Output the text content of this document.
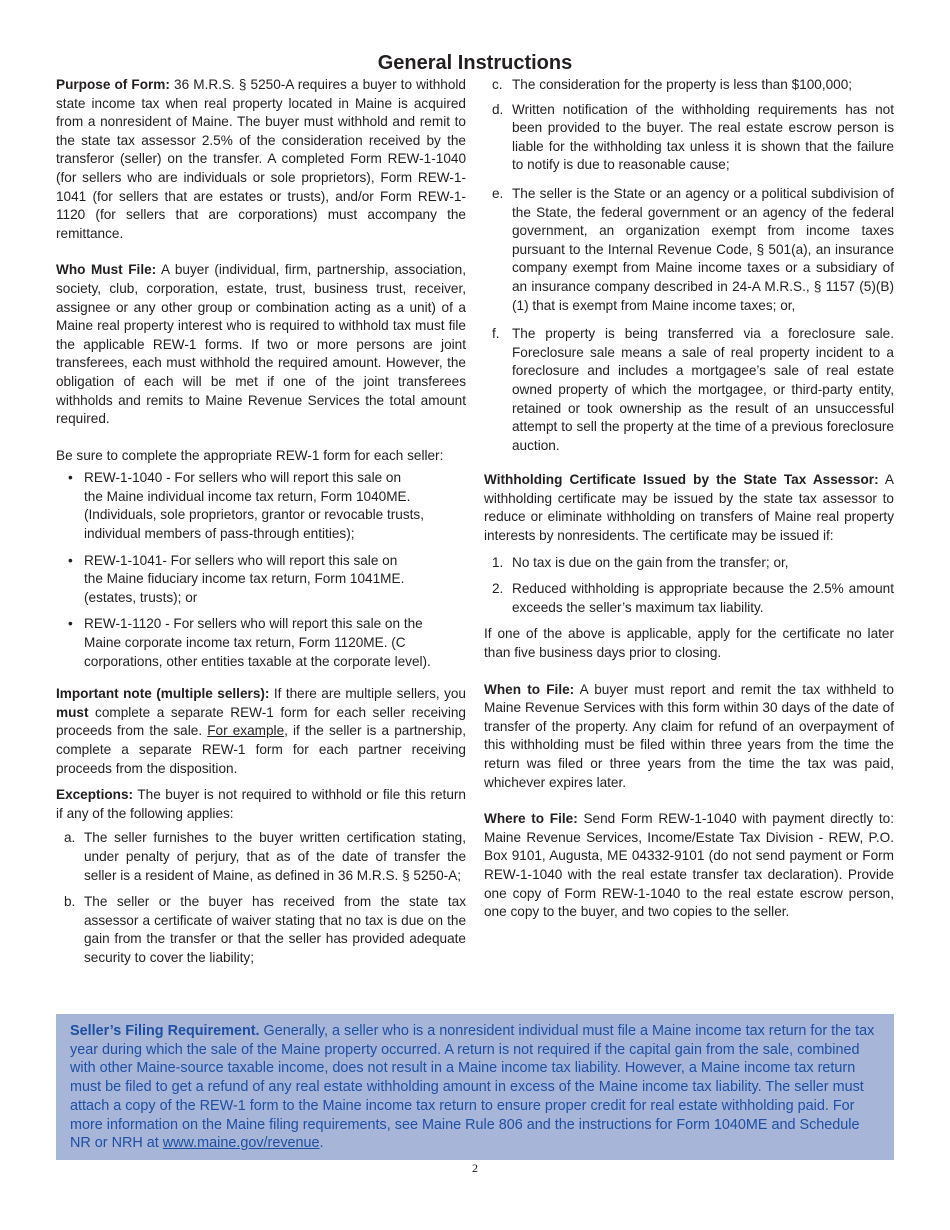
General Instructions

Purpose of Form: 36 M.R.S. § 5250-A requires a buyer to withhold state income tax when real property located in Maine is acquired from a nonresident of Maine. The buyer must withhold and remit to the state tax assessor 2.5% of the consideration received by the transferor (seller) on the transfer. A completed Form REW-1-1040 (for sellers who are individuals or sole proprietors), Form REW-1-1041 (for sellers that are estates or trusts), and/or Form REW-1-1120 (for sellers that are corporations) must accompany the remittance.

Who Must File: A buyer (individual, firm, partnership, association, society, club, corporation, estate, trust, business trust, receiver, assignee or any other group or combination acting as a unit) of a Maine real property interest who is required to withhold tax must file the applicable REW-1 forms. If two or more persons are joint transferees, each must withhold the required amount. However, the obligation of each will be met if one of the joint transferees withholds and remits to Maine Revenue Services the total amount required.

Be sure to complete the appropriate REW-1 form for each seller:

• REW-1-1040 - For sellers who will report this sale on
the Maine individual income tax return, Form 1040ME.
(Individuals, sole proprietors, grantor or revocable trusts,
individual members of pass-through entities);
• REW-1-1041- For sellers who will report this sale on
the Maine fiduciary income tax return, Form 1041ME.
(estates, trusts); or
• REW-1-1120 - For sellers who will report this sale on the
Maine corporate income tax return, Form 1120ME. (C
corporations, other entities taxable at the corporate level).

Important note (multiple sellers): If there are multiple sellers, you must complete a separate REW-1 form for each seller receiving proceeds from the sale. For example, if the seller is a partnership, complete a separate REW-1 form for each partner receiving proceeds from the disposition.

Exceptions: The buyer is not required to withhold or file this return if any of the following applies:

a. The seller furnishes to the buyer written certification stating, under penalty of perjury, that as of the date of transfer the seller is a resident of Maine, as defined in 36 M.R.S. § 5250-A;
b. The seller or the buyer has received from the state tax assessor a certificate of waiver stating that no tax is due on the gain from the transfer or that the seller has provided adequate security to cover the liability;
c. The consideration for the property is less than $100,000;
d. Written notification of the withholding requirements has not been provided to the buyer. The real estate escrow person is liable for the withholding tax unless it is shown that the failure to notify is due to reasonable cause;
e. The seller is the State or an agency or a political subdivision of the State, the federal government or an agency of the federal government, an organization exempt from income taxes pursuant to the Internal Revenue Code, § 501(a), an insurance company exempt from Maine income taxes or a subsidiary of an insurance company described in 24-A M.R.S., § 1157 (5)(B)(1) that is exempt from Maine income taxes; or,
f. The property is being transferred via a foreclosure sale. Foreclosure sale means a sale of real property incident to a foreclosure and includes a mortgagee’s sale of real estate owned property of which the mortgagee, or third-party entity, retained or took ownership as the result of an unsuccessful attempt to sell the property at the time of a previous foreclosure auction.

Withholding Certificate Issued by the State Tax Assessor: A withholding certificate may be issued by the state tax assessor to reduce or eliminate withholding on transfers of Maine real property interests by nonresidents. The certificate may be issued if:

1. No tax is due on the gain from the transfer; or,
2. Reduced withholding is appropriate because the 2.5% amount exceeds the seller’s maximum tax liability.

If one of the above is applicable, apply for the certificate no later than five business days prior to closing.

When to File: A buyer must report and remit the tax withheld to Maine Revenue Services with this form within 30 days of the date of transfer of the property. Any claim for refund of an overpayment of this withholding must be filed within three years from the time the return was filed or three years from the time the tax was paid, whichever expires later.

Where to File: Send Form REW-1-1040 with payment directly to: Maine Revenue Services, Income/Estate Tax Division - REW, P.O. Box 9101, Augusta, ME 04332-9101 (do not send payment or Form REW-1-1040 with the real estate transfer tax declaration). Provide one copy of Form REW-1-1040 to the real estate escrow person, one copy to the buyer, and two copies to the seller.

Seller’s Filing Requirement. Generally, a seller who is a nonresident individual must file a Maine income tax return for the tax year during which the sale of the Maine property occurred. A return is not required if the capital gain from the sale, combined with other Maine-source taxable income, does not result in a Maine income tax liability. However, a Maine income tax return must be filed to get a refund of any real estate withholding amount in excess of the Maine income tax liability. The seller must attach a copy of the REW-1 form to the Maine income tax return to ensure proper credit for real estate withholding paid. For more information on the Maine filing requirements, see Maine Rule 806 and the instructions for Form 1040ME and Schedule NR or NRH at www.maine.gov/revenue.
2
